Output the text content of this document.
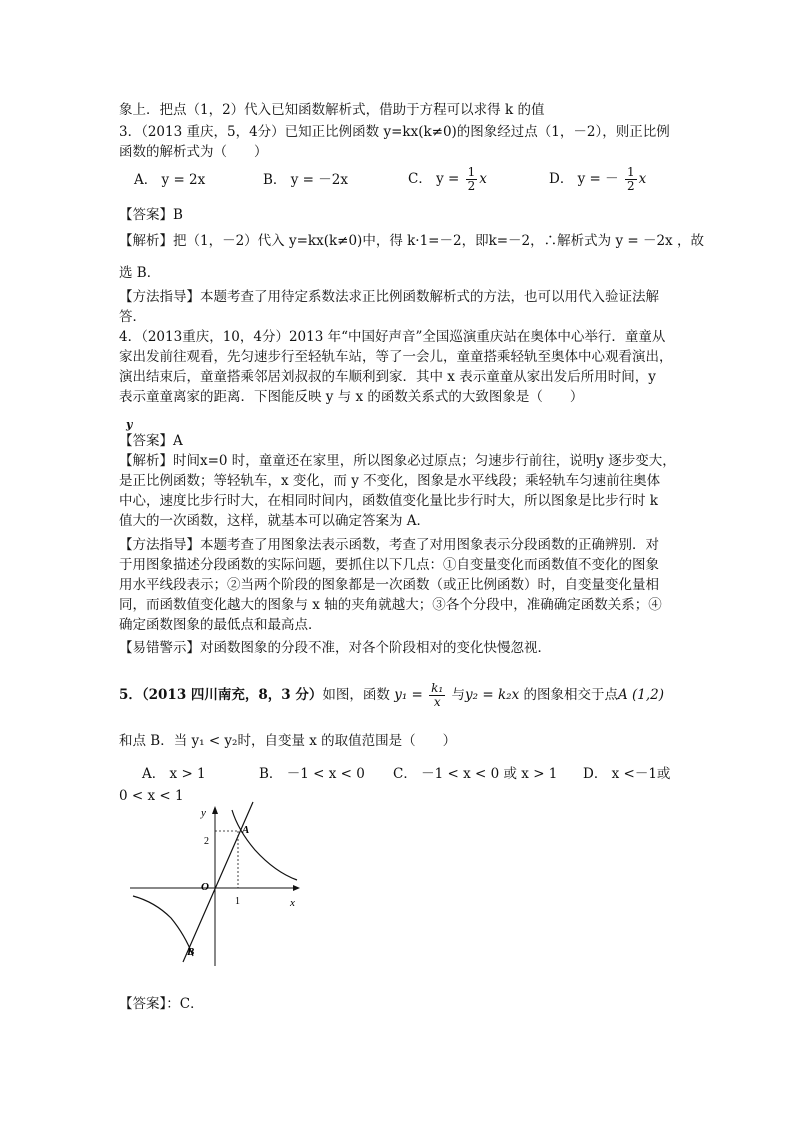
象上．把点（1，2）代入已知函数解析式，借助于方程可以求得 k 的值
3．（2013 重庆，5，4分）已知正比例函数 y=kx(k≠0)的图象经过点（1，－2），则正比例
函数的解析式为（　　）
A． y = 2x	B． y = －2x	C． $y = \frac{1}{2}$ x	D． y = － $\frac{1}{2}$ x
【答案】B
【解析】把（1，－2）代入 y=kx(k≠0)中，得 k·1=－2，即k=－2，∴解析式为 y = －2x ，故
选 B．
【方法指导】本题考查了用待定系数法求正比例函数解析式的方法，也可以用代入验证法解
答．
4．（2013重庆，10，4分）2013 年“中国好声音”全国巡演重庆站在奥体中心举行．童童从
家出发前往观看，先匀速步行至轻轨车站，等了一会儿，童童搭乘轻轨至奥体中心观看演出，
演出结束后，童童搭乘邻居刘叔叔的车顺利到家．其中 x 表示童童从家出发后所用时间，y
表示童童离家的距离．下图能反映 y 与 x 的函数关系式的大致图象是（　　）
y
【答案】A
【解析】时间x=0 时，童童还在家里，所以图象必过原点；匀速步行前往，说明y 逐步变大，
是正比例函数；等轻轨车，x 变化，而 y 不变化，图象是水平线段；乘轻轨车匀速前往奥体
中心，速度比步行时大，在相同时间内，函数值变化量比步行时大，所以图象是比步行时 k
值大的一次函数，这样，就基本可以确定答案为 A．
【方法指导】本题考查了用图象法表示函数，考查了对用图象表示分段函数的正确辨别．对
于用图象描述分段函数的实际问题，要抓住以下几点：①自变量变化而函数值不变化的图象
用水平线段表示；②当两个阶段的图象都是一次函数（或正比例函数）时，自变量变化量相
同，而函数值变化越大的图象与 x 轴的夹角就越大；③各个分段中，准确确定函数关系；④
确定函数图象的最低点和最高点．
【易错警示】对函数图象的分段不准，对各个阶段相对的变化快慢忽视．
5．（2013 四川南充，8，3 分）如图，函数 $y_1 = \frac{\text{k₁}}{x}$ 与y₂ = k₂x 的图象相交于点A (1,2)
和点 B．当 y₁ < y₂时，自变量 x 的取值范围是（　　）
A． x > 1	B． －1 < x < 0 C． －1 < x < 0 或 x > 1 D． x <－1或
0 < x < 1
y
x
O
2
1
A
B
【答案】：C．
